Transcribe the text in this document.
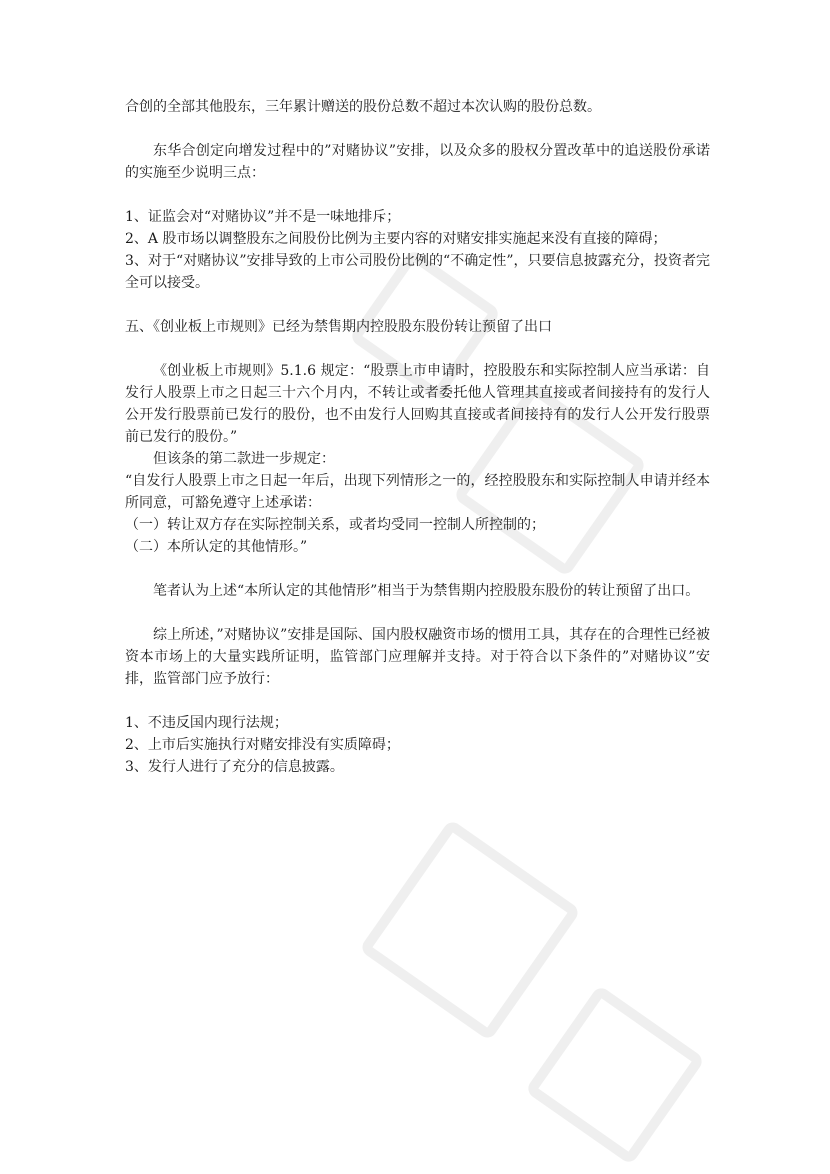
合创的全部其他股东，三年累计赠送的股份总数不超过本次认购的股份总数。

东华合创定向增发过程中的”对赌协议”安排，以及众多的股权分置改革中的追送股份承诺的实施至少说明三点：

1、证监会对“对赌协议”并不是一味地排斥；

2、A 股市场以调整股东之间股份比例为主要内容的对赌安排实施起来没有直接的障碍；

3、对于“对赌协议”安排导致的上市公司股份比例的“不确定性”，只要信息披露充分，投资者完全可以接受。

五、《创业板上市规则》已经为禁售期内控股股东股份转让预留了出口

《创业板上市规则》5.1.6 规定：“股票上市申请时，控股股东和实际控制人应当承诺：自发行人股票上市之日起三十六个月内，不转让或者委托他人管理其直接或者间接持有的发行人公开发行股票前已发行的股份，也不由发行人回购其直接或者间接持有的发行人公开发行股票前已发行的股份。”

但该条的第二款进一步规定：

“自发行人股票上市之日起一年后，出现下列情形之一的，经控股股东和实际控制人申请并经本所同意，可豁免遵守上述承诺：

（一）转让双方存在实际控制关系，或者均受同一控制人所控制的；

（二）本所认定的其他情形。”

笔者认为上述“本所认定的其他情形”相当于为禁售期内控股股东股份的转让预留了出口。

综上所述，”对赌协议”安排是国际、国内股权融资市场的惯用工具，其存在的合理性已经被资本市场上的大量实践所证明，监管部门应理解并支持。对于符合以下条件的”对赌协议”安排，监管部门应予放行：

1、不违反国内现行法规；

2、上市后实施执行对赌安排没有实质障碍；

3、发行人进行了充分的信息披露。
